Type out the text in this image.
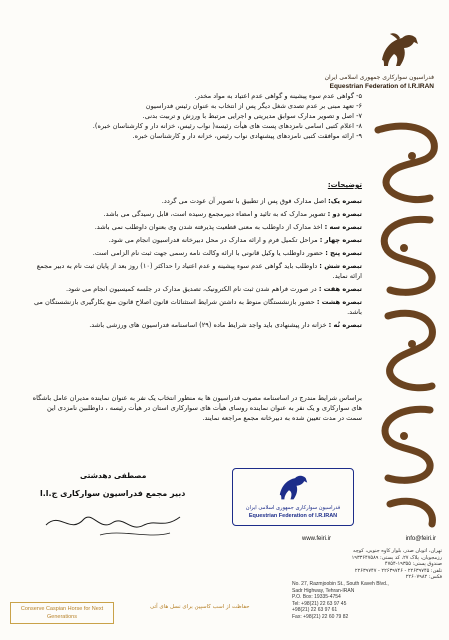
فدراسیون سوارکاری جمهوری اسلامی ایران
Equestrian Federation of I.R.IRAN
۵- گواهی عدم سوء پیشینه و گواهی عدم اعتیاد به مواد مخدر.
۶- تعهد مبنی بر عدم تصدی شغل دیگر پس از انتخاب به عنوان رئیس فدراسیون
۷- اصل و تصویر مدارک سوابق مدیریتی و اجرایی مرتبط با ورزش و تربیت بدنی.
۸- اعلام کتبی اسامی نامزدهای پست های هیأت رئیسه( نواب رئیس، خزانه دار و کارشناسان خبره).
۹- ارائه موافقت کتبی نامزدهای پیشنهادی نواب رئیس، خزانه دار و کارشناسان خبره.
توضیحات:

تبصره یک: اصل مدارک فوق پس از تطبیق با تصویر آن عودت می گردد.

تبصره دو : تصویر مدارک که به تائید و امضاء دبیرمجمع رسیده است، قابل رسیدگی می باشد.

تبصره سه : اخذ مدارک از داوطلب به معنی قطعیت پذیرفته شدن وی بعنوان داوطلب نمی باشد.

تبصره چهار : مراحل تکمیل فرم و ارائه مدارک در محل دبیرخانه فدراسیون انجام می شود.

تبصره پنج : حضور داوطلب یا وکیل قانونی با ارائه وکالت نامه رسمی جهت ثبت نام الزامی است.

تبصره شش : داوطلب باید گواهی عدم سوء پیشینه و عدم اعتیاد را حداکثر (۱۰) روز بعد از پایان ثبت نام به دبیر مجمع ارائه نماید.

تبصره هفت : در صورت فراهم شدن ثبت نام الکترونیک، تصدیق مدارک در جلسه کمیسیون انجام می شود.

تبصره هشت : حضور بازنشستگان منوط به داشتن شرایط استثنائات قانون اصلاح قانون منع بکارگیری بازنشستگان می باشد.

تبصره نُه : خزانه دار پیشنهادی باید واجد شرایط ماده (۲۹) اساسنامه فدراسیون های ورزشی باشد.

براساس شرایط مندرج در اساسنامه مصوب فدراسیون ها به منظور انتخاب یک نفر به عنوان نماینده مدیران عامل باشگاه های سوارکاری و یک نفر به عنوان نماینده روسای هیأت های سوارکاری استان در هیأت رئیسه ، داوطلبین نامزدی این سمت در مدت تعیین شده به دبیرخانه مجمع مراجعه نمایند.
مصطفی دهدشتی
دبیر مجمع فدراسیون سوارکاری ج.ا.ا
فدراسیون سوارکاری جمهوری اسلامی ایران
Equestrian Federation of I.R.IRAN
www.feiri.ir	info@feiri.ir
تهران، اتوبان صدر، بلوار کاوه جنوبی، کوچه
رزمجویان، پلاک ۲۷، کد پستی: ۱۹۳۳۶۴۷۵۸۹
صندوق پستی: ۱۹۳۵۵-۴۷۵۴
تلفن: ۲۲۶۳۹۷۴۵ - ۲۲۶۳۹۷۴۶ - ۲۲۶۳۹۷۴۷
فکس: ۲۲۶۰۷۹۸۲
No. 27, Razmjoobin St., South Kaveh Blvd.,
Sadr Highway, Tehran-IRAN
P.O. Box: 19335-4754
Tel: +98(21) 22 63 97 45
+98(21) 22 63 97 61
Fax: +98(21) 22 60 79 82
Conserve Caspian Horse for Next Generations
حفاظت از اسب کاسپین برای نسل های آتی
